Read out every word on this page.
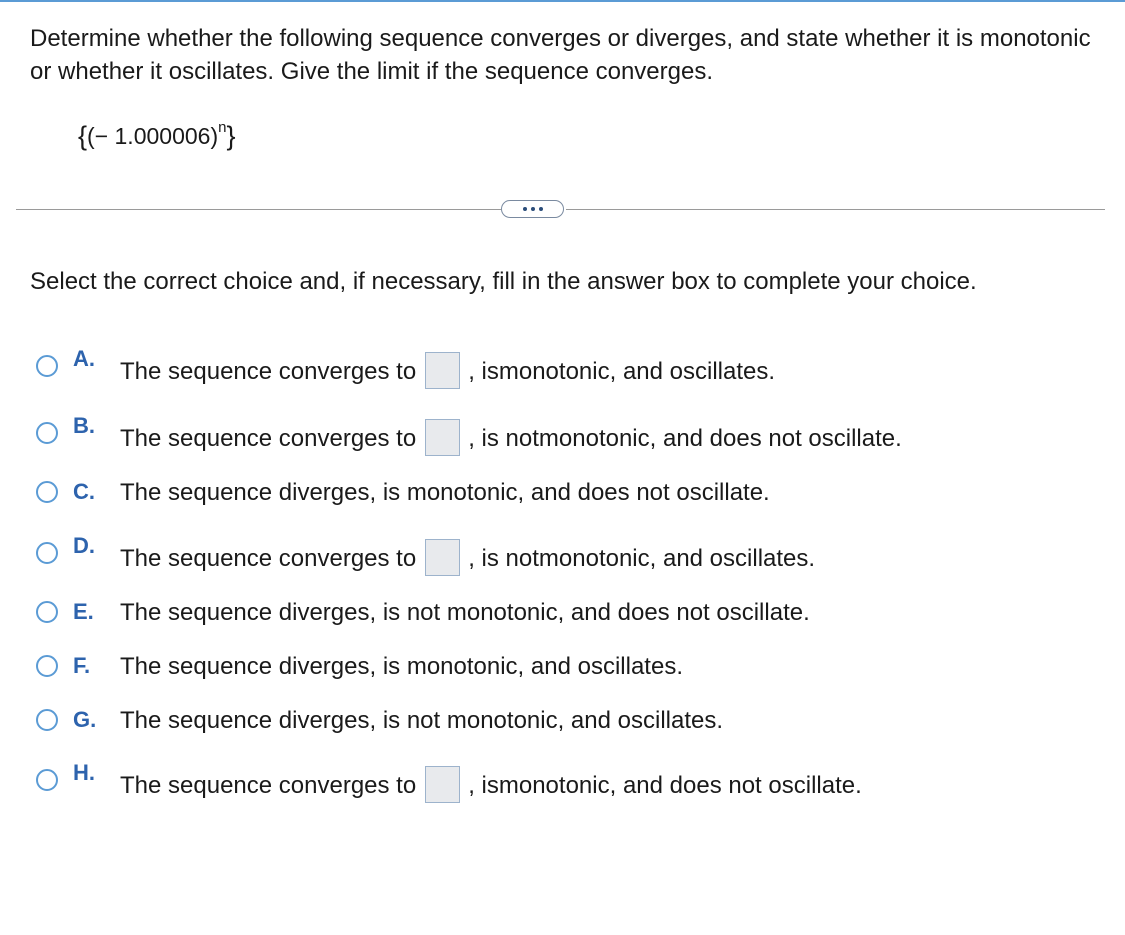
Determine whether the following sequence converges or diverges, and state whether it is monotonic or whether it oscillates. Give the limit if the sequence converges.
{(− 1.000006)$^n$}
Select the correct choice and, if necessary, fill in the answer box to complete your choice.
A. The sequence converges to , ismonotonic, and oscillates.
B. The sequence converges to , is notmonotonic, and does not oscillate.
C. The sequence diverges, is monotonic, and does not oscillate.
D. The sequence converges to , is notmonotonic, and oscillates.
E. The sequence diverges, is not monotonic, and does not oscillate.
F. The sequence diverges, is monotonic, and oscillates.
G. The sequence diverges, is not monotonic, and oscillates.
H. The sequence converges to , ismonotonic, and does not oscillate.
